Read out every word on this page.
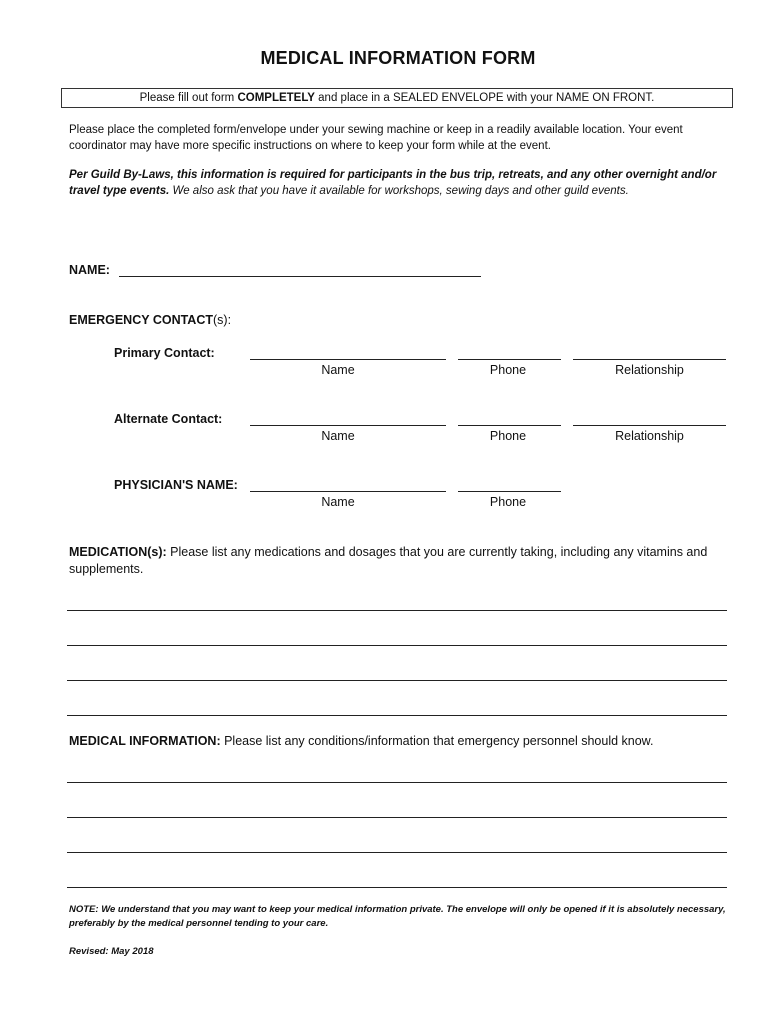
MEDICAL INFORMATION FORM
Please fill out form COMPLETELY and place in a SEALED ENVELOPE with your NAME ON FRONT.
Please place the completed form/envelope under your sewing machine or keep in a readily available location. Your event coordinator may have more specific instructions on where to keep your form while at the event.
Per Guild By-Laws, this information is required for participants in the bus trip, retreats, and any other overnight and/or travel type events. We also ask that you have it available for workshops, sewing days and other guild events.
NAME:
EMERGENCY CONTACT(s):
Primary Contact:
Name	Phone	Relationship
Alternate Contact:
Name	Phone	Relationship
PHYSICIAN'S NAME:
Name	Phone
MEDICATION(s): Please list any medications and dosages that you are currently taking, including any vitamins and supplements.
MEDICAL INFORMATION: Please list any conditions/information that emergency personnel should know.
NOTE: We understand that you may want to keep your medical information private. The envelope will only be opened if it is absolutely necessary, preferably by the medical personnel tending to your care.
Revised: May 2018
